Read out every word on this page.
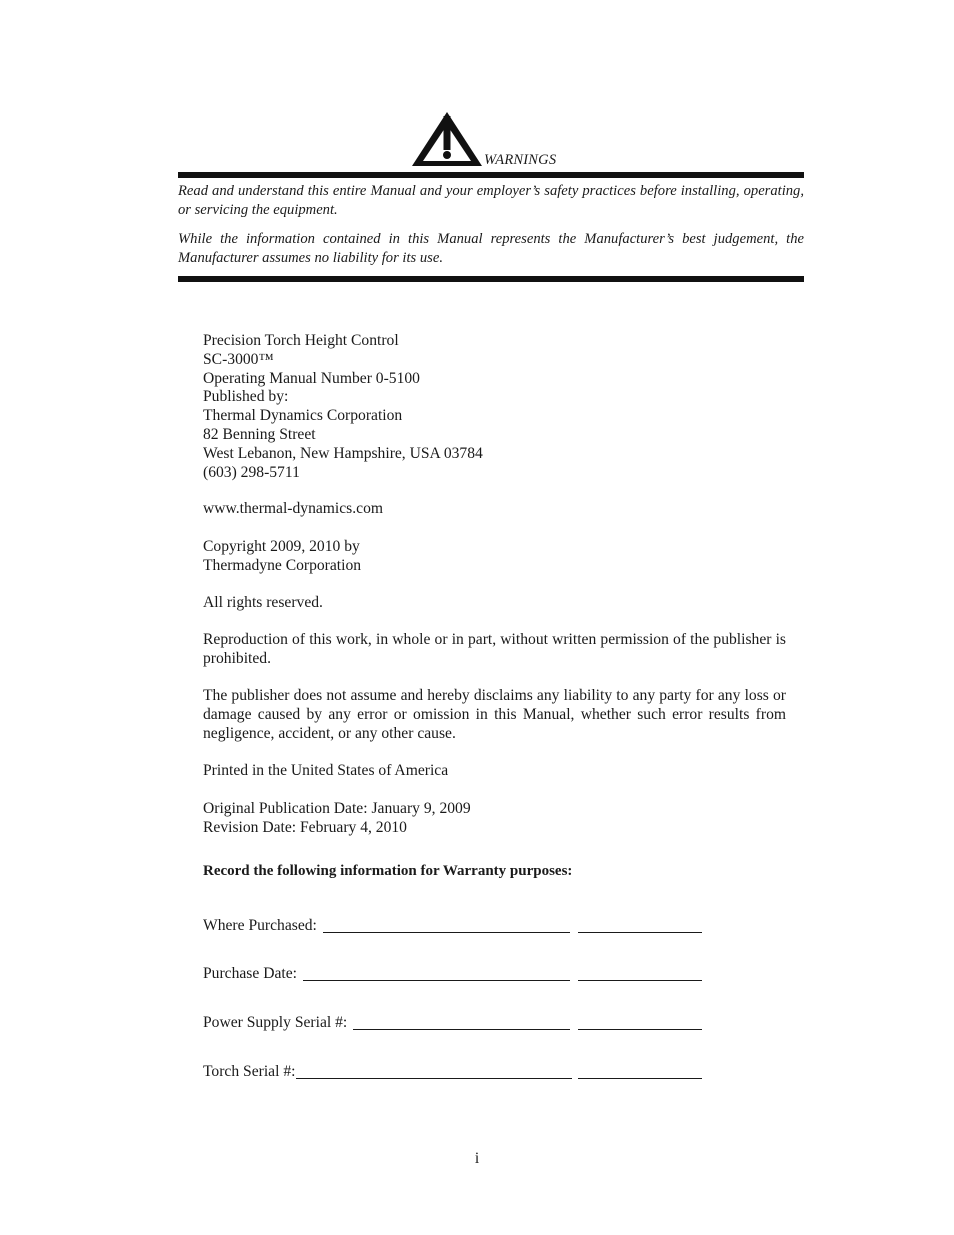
WARNINGS

Read and understand this entire Manual and your employer’s safety practices before installing, operating, or servicing the equipment.

While the information contained in this Manual represents the Manufacturer’s best judgement, the Manufacturer assumes no liability for its use.

Precision Torch Height Control
SC-3000™
Operating Manual Number 0-5100
Published by:
Thermal Dynamics Corporation
82 Benning Street
West Lebanon, New Hampshire, USA 03784
(603) 298-5711
www.thermal-dynamics.com
Copyright 2009, 2010 by
Thermadyne Corporation
All rights reserved.

Reproduction of this work, in whole or in part, without written permission of the publisher is prohibited.

The publisher does not assume and hereby disclaims any liability to any party for any loss or damage caused by any error or omission in this Manual, whether such error results from negligence, accident, or any other cause.

Printed in the United States of America
Original Publication Date: January 9, 2009
Revision Date: February 4, 2010
Record the following information for Warranty purposes:
Where Purchased:
Purchase Date:
Power Supply Serial #:
Torch Serial #:
i
